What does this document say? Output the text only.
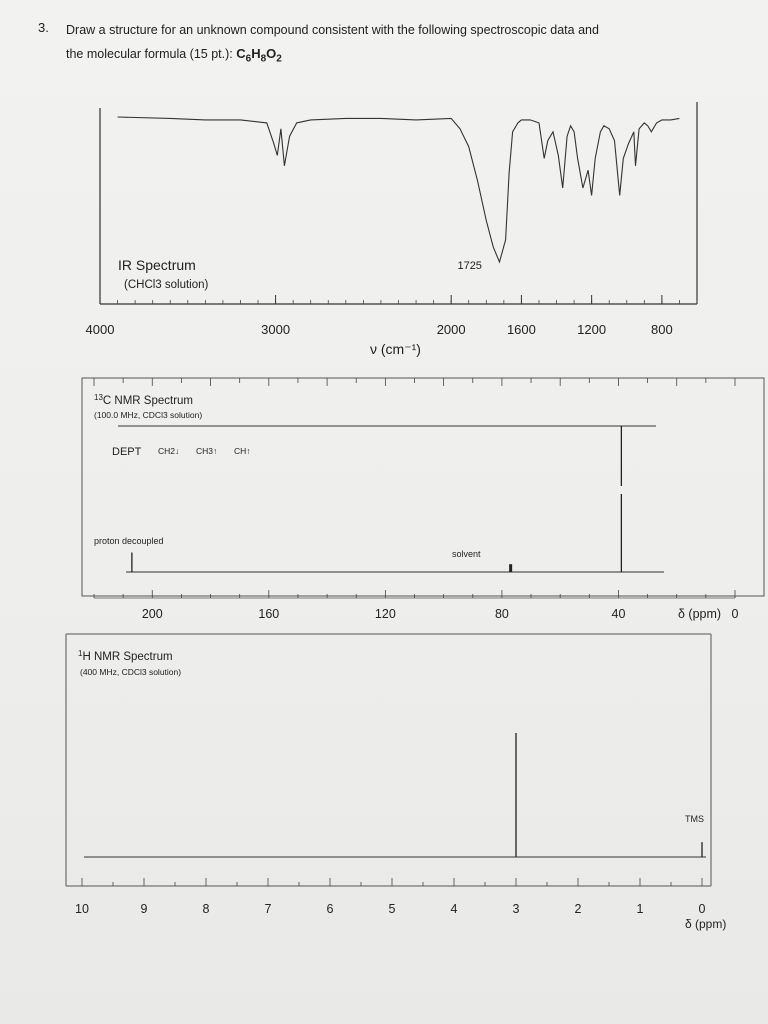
3. Draw a structure for an unknown compound consistent with the following spectroscopic data and
the molecular formula (15 pt.): $C_6H_8O_2$
4000	3000	2000	1600	1200	800
IR Spectrum
(CHCl3 solution)
1725
ν (cm⁻¹)
200	160	120	80	40	0
δ (ppm)
$^{13}$C NMR Spectrum
(100.0 MHz, CDCl3 solution)
DEPT CH2↓ CH3↑ CH↑
proton decoupled
solvent
10	9	8	7	6	5	4	3	2	1	0
δ (ppm)
$^1$H NMR Spectrum
(400 MHz, CDCl3 solution)
TMS
